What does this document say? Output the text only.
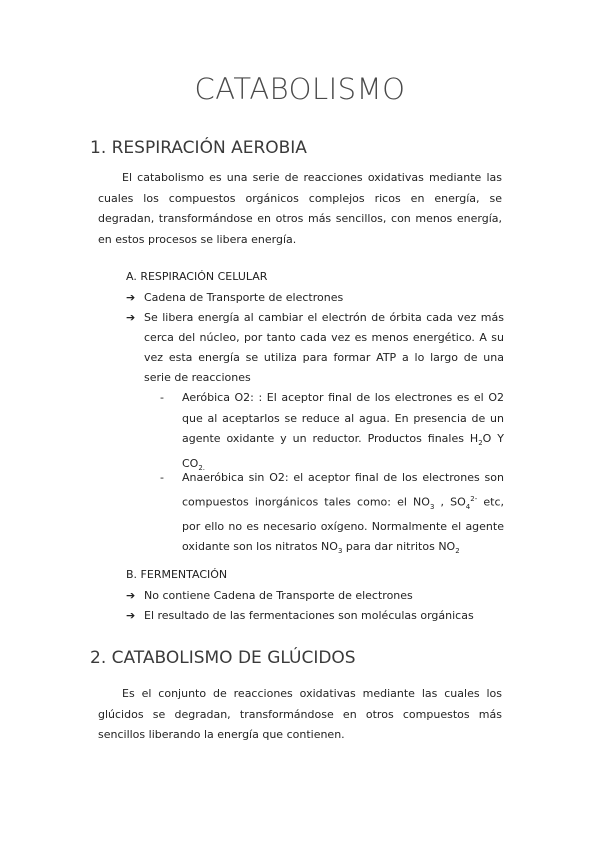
CATABOLISMO
1. RESPIRACIÓN AEROBIA
El catabolismo es una serie de reacciones oxidativas mediante las cuales los compuestos orgánicos complejos ricos en energía, se degradan, transformándose en otros más sencillos, con menos energía, en estos procesos se libera energía.
A. RESPIRACIÓN CELULAR
➔ Cadena de Transporte de electrones
➔ Se libera energía al cambiar el electrón de órbita cada vez más cerca del núcleo, por tanto cada vez es menos energético. A su vez esta energía se utiliza para formar ATP a lo largo de una serie de reacciones
-	Aeróbica O2: : El aceptor final de los electrones es el O2 que al aceptarlos se reduce al agua. En presencia de un agente oxidante y un reductor. Productos finales $H_2O$ Y $CO_{2.}$
-	Anaeróbica sin O2: el aceptor final de los electrones son compuestos inorgánicos tales como: el $NO_3$ , $SO_4^{2-}$ etc, por ello no es necesario oxígeno. Normalmente el agente oxidante son los nitratos $NO_3$ para dar nitritos $NO_2$
B. FERMENTACIÓN
➔ No contiene Cadena de Transporte de electrones
➔ El resultado de las fermentaciones son moléculas orgánicas
2. CATABOLISMO DE GLÚCIDOS
Es el conjunto de reacciones oxidativas mediante las cuales los glúcidos se degradan, transformándose en otros compuestos más sencillos liberando la energía que contienen.
